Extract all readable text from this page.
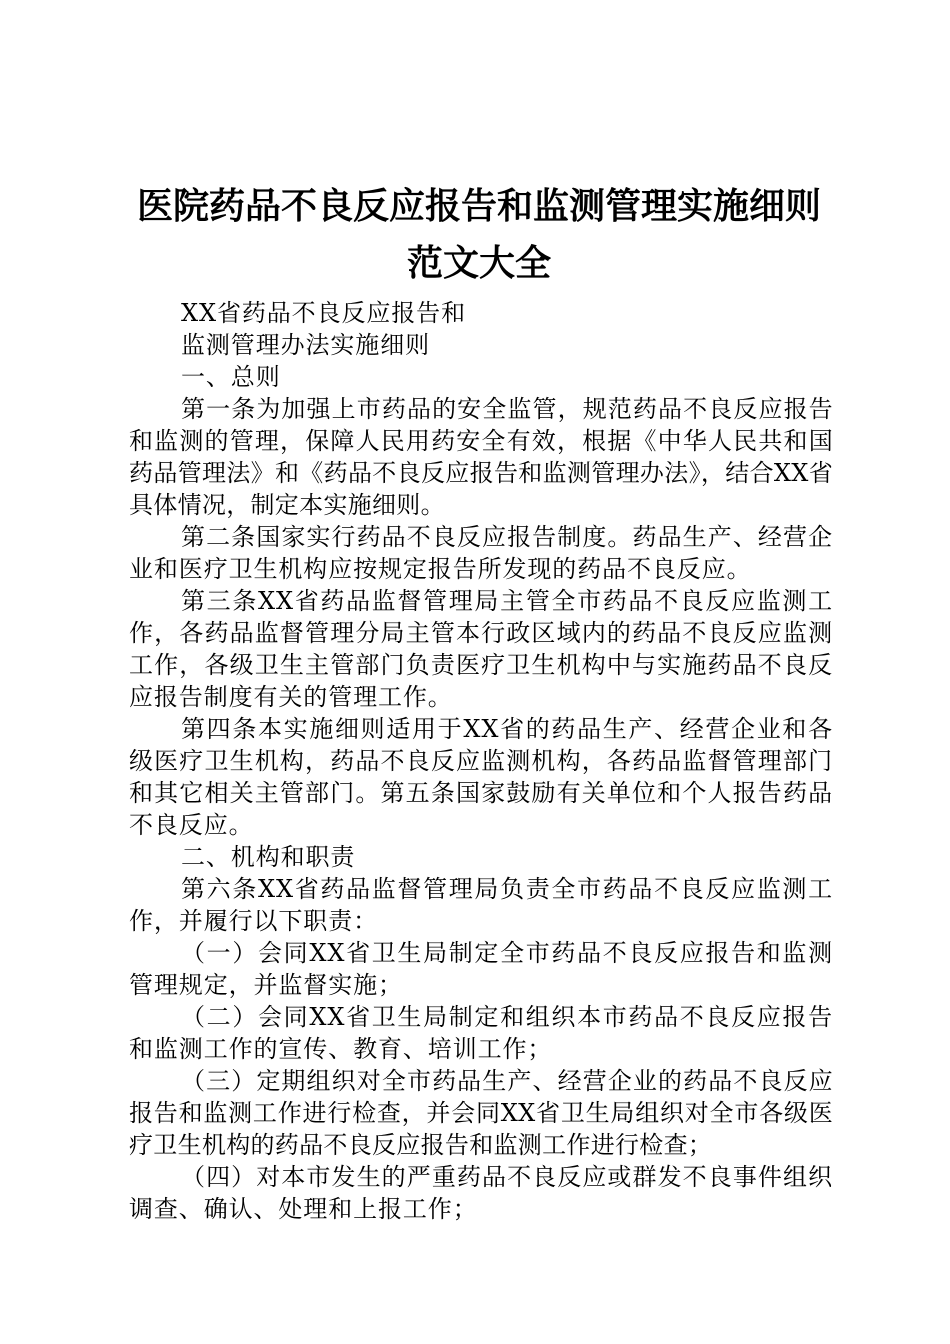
医院药品不良反应报告和监测管理实施细则范文大全

XX省药品不良反应报告和

监测管理办法实施细则

一、总则

第一条为加强上市药品的安全监管，规范药品不良反应报告和监测的管理，保障人民用药安全有效，根据《中华人民共和国药品管理法》和《药品不良反应报告和监测管理办法》，结合XX省具体情况，制定本实施细则。

第二条国家实行药品不良反应报告制度。药品生产、经营企业和医疗卫生机构应按规定报告所发现的药品不良反应。

第三条XX省药品监督管理局主管全市药品不良反应监测工作，各药品监督管理分局主管本行政区域内的药品不良反应监测工作，各级卫生主管部门负责医疗卫生机构中与实施药品不良反应报告制度有关的管理工作。

第四条本实施细则适用于XX省的药品生产、经营企业和各级医疗卫生机构，药品不良反应监测机构，各药品监督管理部门和其它相关主管部门。第五条国家鼓励有关单位和个人报告药品不良反应。

二、机构和职责

第六条XX省药品监督管理局负责全市药品不良反应监测工作，并履行以下职责：

（一）会同XX省卫生局制定全市药品不良反应报告和监测管理规定，并监督实施；

（二）会同XX省卫生局制定和组织本市药品不良反应报告和监测工作的宣传、教育、培训工作；

（三）定期组织对全市药品生产、经营企业的药品不良反应报告和监测工作进行检查，并会同XX省卫生局组织对全市各级医疗卫生机构的药品不良反应报告和监测工作进行检查；

（四）对本市发生的严重药品不良反应或群发不良事件组织调查、确认、处理和上报工作；
